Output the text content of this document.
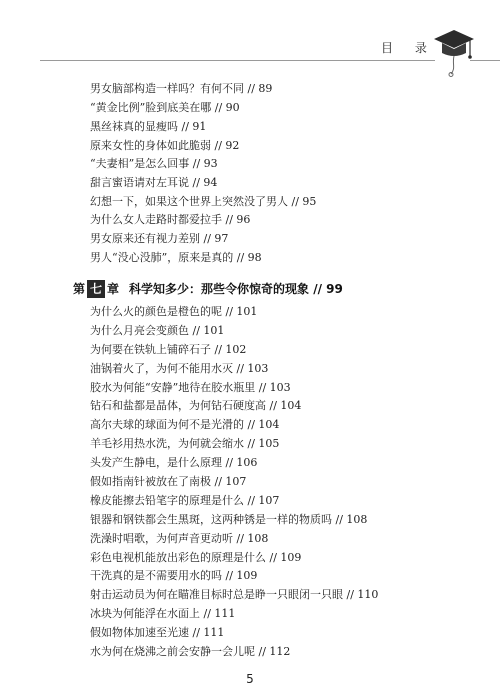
目 录
男女脑部构造一样吗？有何不同 // 89
“黄金比例”脸到底美在哪 // 90
黑丝袜真的显瘦吗 // 91
原来女性的身体如此脆弱 // 92
“夫妻相”是怎么回事 // 93
甜言蜜语请对左耳说 // 94
幻想一下，如果这个世界上突然没了男人 // 95
为什么女人走路时都爱拉手 // 96
男女原来还有视力差别 // 97
男人“没心没肺”，原来是真的 // 98
第 七 章 科学知多少：那些令你惊奇的现象 // 99
为什么火的颜色是橙色的呢 // 101
为什么月亮会变颜色 // 101
为何要在铁轨上铺碎石子 // 102
油锅着火了，为何不能用水灭 // 103
胶水为何能“安静”地待在胶水瓶里 // 103
钻石和盐都是晶体，为何钻石硬度高 // 104
高尔夫球的球面为何不是光滑的 // 104
羊毛衫用热水洗，为何就会缩水 // 105
头发产生静电，是什么原理 // 106
假如指南针被放在了南极 // 107
橡皮能擦去铅笔字的原理是什么 // 107
银器和钢铁都会生黑斑，这两种锈是一样的物质吗 // 108
洗澡时唱歌，为何声音更动听 // 108
彩色电视机能放出彩色的原理是什么 // 109
干洗真的是不需要用水的吗 // 109
射击运动员为何在瞄准目标时总是睁一只眼闭一只眼 // 110
冰块为何能浮在水面上 // 111
假如物体加速至光速 // 111
水为何在烧沸之前会安静一会儿呢 // 112
5
